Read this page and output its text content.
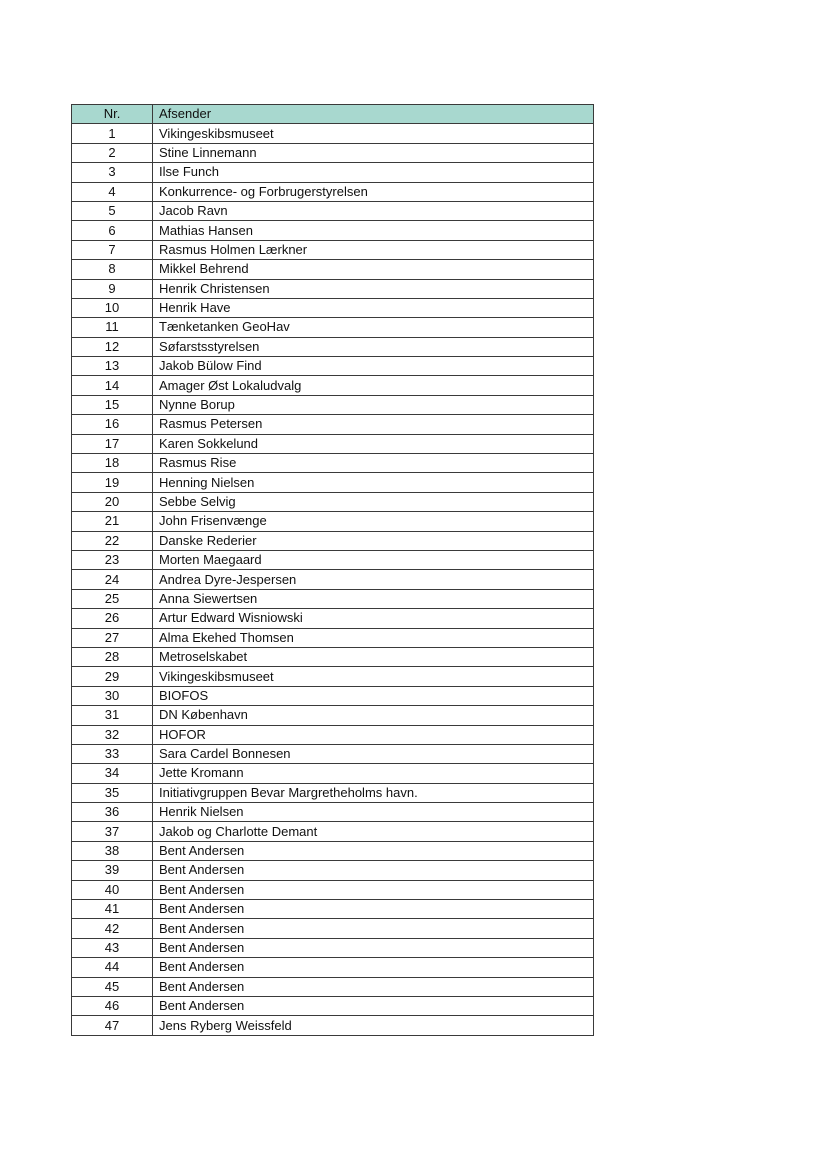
Nr.	Afsender
1	Vikingeskibsmuseet
2	Stine Linnemann
3	Ilse Funch
4	Konkurrence- og Forbrugerstyrelsen
5	Jacob Ravn
6	Mathias Hansen
7	Rasmus Holmen Lærkner
8	Mikkel Behrend
9	Henrik Christensen
10	Henrik Have
11	Tænketanken GeoHav
12	Søfarstsstyrelsen
13	Jakob Bülow Find
14	Amager Øst Lokaludvalg
15	Nynne Borup
16	Rasmus Petersen
17	Karen Sokkelund
18	Rasmus Rise
19	Henning Nielsen
20	Sebbe Selvig
21	John Frisenvænge
22	Danske Rederier
23	Morten Maegaard
24	Andrea Dyre-Jespersen
25	Anna Siewertsen
26	Artur Edward Wisniowski
27	Alma Ekehed Thomsen
28	Metroselskabet
29	Vikingeskibsmuseet
30	BIOFOS
31	DN København
32	HOFOR
33	Sara Cardel Bonnesen
34	Jette Kromann
35	Initiativgruppen Bevar Margretheholms havn.
36	Henrik Nielsen
37	Jakob og Charlotte Demant
38	Bent Andersen
39	Bent Andersen
40	Bent Andersen
41	Bent Andersen
42	Bent Andersen
43	Bent Andersen
44	Bent Andersen
45	Bent Andersen
46	Bent Andersen
47	Jens Ryberg Weissfeld
